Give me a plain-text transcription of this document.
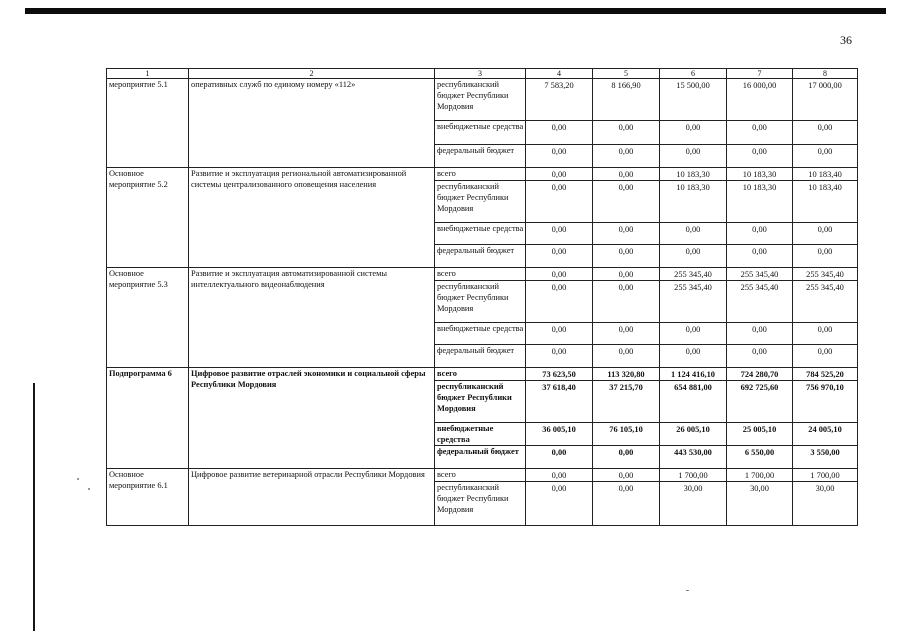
36
1	2	3	4	5	6	7	8
мероприятие 5.1	оперативных служб по единому номеру «112»	республиканский бюджет Республики Мордовия	7 583,20	8 166,90	15 500,00	16 000,00	17 000,00
		внебюджетные средства	0,00	0,00	0,00	0,00	0,00
		федеральный бюджет	0,00	0,00	0,00	0,00	0,00
Основное мероприятие 5.2	Развитие и эксплуатация региональной автоматизированной системы централизованного оповещения населения	всего	0,00	0,00	10 183,30	10 183,30	10 183,40
		республиканский бюджет Республики Мордовия	0,00	0,00	10 183,30	10 183,30	10 183,40
		внебюджетные средства	0,00	0,00	0,00	0,00	0,00
		федеральный бюджет	0,00	0,00	0,00	0,00	0,00
Основное мероприятие 5.3	Развитие и эксплуатация автоматизированной системы интеллектуального видеонаблюдения	всего	0,00	0,00	255 345,40	255 345,40	255 345,40
		республиканский бюджет Республики Мордовия	0,00	0,00	255 345,40	255 345,40	255 345,40
		внебюджетные средства	0,00	0,00	0,00	0,00	0,00
		федеральный бюджет	0,00	0,00	0,00	0,00	0,00
Подпрограмма 6	Цифровое развитие отраслей экономики и социальной сферы Республики Мордовия	всего	73 623,50	113 320,80	1 124 416,10	724 280,70	784 525,20
		республиканский бюджет Республики Мордовия	37 618,40	37 215,70	654 881,00	692 725,60	756 970,10
		внебюджетные средства	36 005,10	76 105,10	26 005,10	25 005,10	24 005,10
		федеральный бюджет	0,00	0,00	443 530,00	6 550,00	3 550,00
Основное мероприятие 6.1	Цифровое развитие ветеринарной отрасли Республики Мордовия	всего	0,00	0,00	1 700,00	1 700,00	1 700,00
		республиканский бюджет Республики Мордовия	0,00	0,00	30,00	30,00	30,00
